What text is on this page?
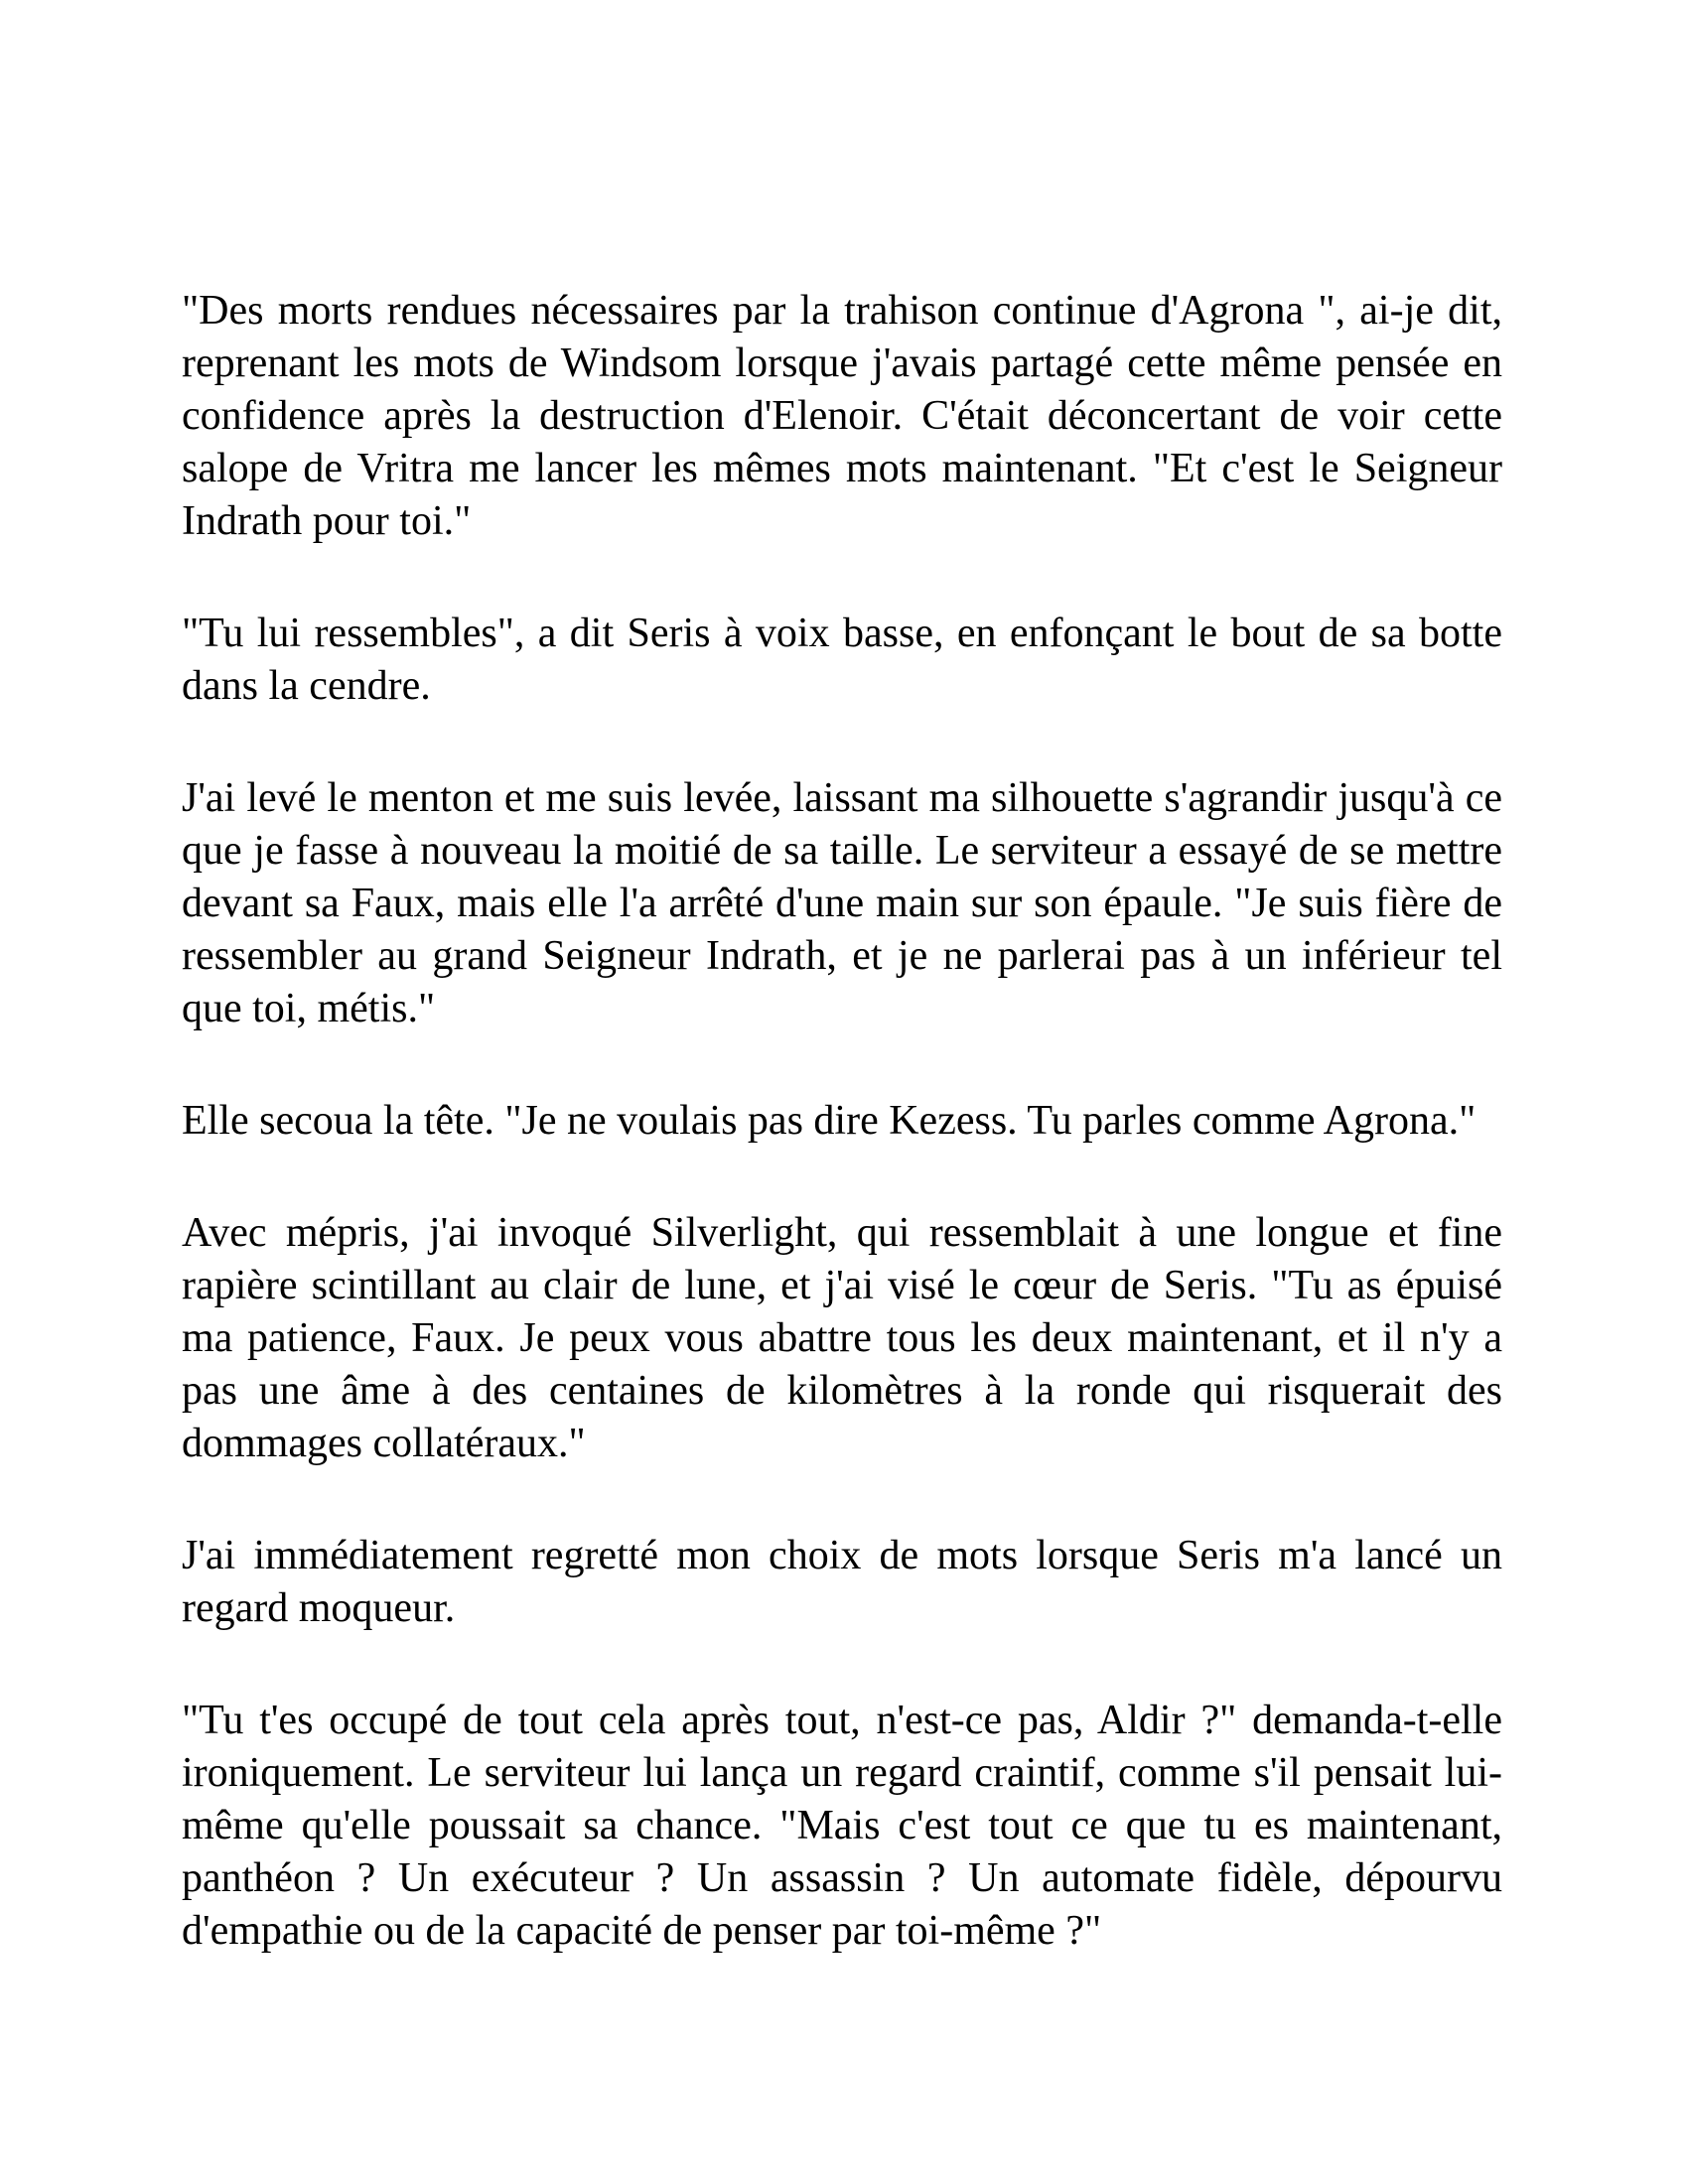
"Des morts rendues nécessaires par la trahison continue d'Agrona ", ai-je dit, reprenant les mots de Windsom lorsque j'avais partagé cette même pensée en confidence après la destruction d'Elenoir. C'était déconcertant de voir cette salope de Vritra me lancer les mêmes mots maintenant. "Et c'est le Seigneur Indrath pour toi."

"Tu lui ressembles", a dit Seris à voix basse, en enfonçant le bout de sa botte dans la cendre.

J'ai levé le menton et me suis levée, laissant ma silhouette s'agrandir jusqu'à ce que je fasse à nouveau la moitié de sa taille. Le serviteur a essayé de se mettre devant sa Faux, mais elle l'a arrêté d'une main sur son épaule. "Je suis fière de ressembler au grand Seigneur Indrath, et je ne parlerai pas à un inférieur tel que toi, métis."

Elle secoua la tête. "Je ne voulais pas dire Kezess. Tu parles comme Agrona."

Avec mépris, j'ai invoqué Silverlight, qui ressemblait à une longue et fine rapière scintillant au clair de lune, et j'ai visé le cœur de Seris. "Tu as épuisé ma patience, Faux. Je peux vous abattre tous les deux maintenant, et il n'y a pas une âme à des centaines de kilomètres à la ronde qui risquerait des dommages collatéraux."

J'ai immédiatement regretté mon choix de mots lorsque Seris m'a lancé un regard moqueur.

"Tu t'es occupé de tout cela après tout, n'est-ce pas, Aldir ?" demanda-t-elle ironiquement. Le serviteur lui lança un regard craintif, comme s'il pensait lui-même qu'elle poussait sa chance. "Mais c'est tout ce que tu es maintenant, panthéon ? Un exécuteur ? Un assassin ? Un automate fidèle, dépourvu d'empathie ou de la capacité de penser par toi-même ?"
